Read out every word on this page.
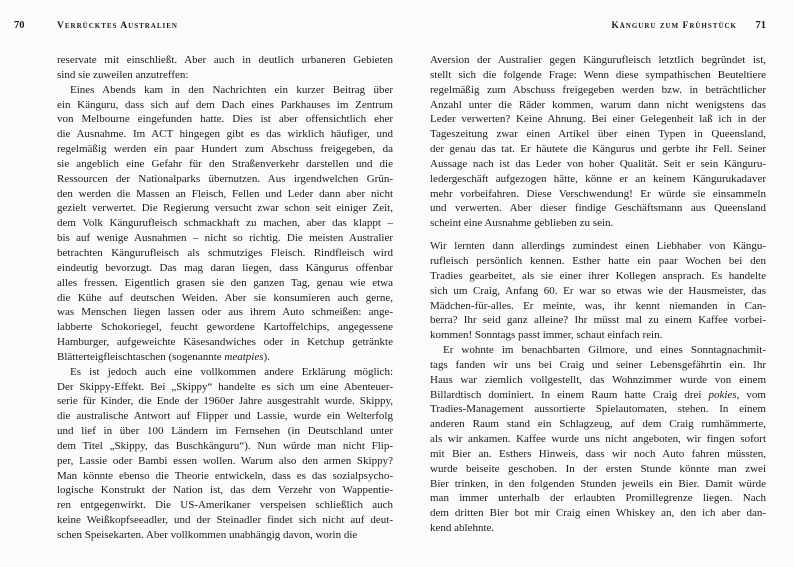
70	Verrücktes Australien
reservate mit einschließt. Aber auch in deutlich urbaneren Gebieten
sind sie zuweilen anzutreffen:
Eines Abends kam in den Nachrichten ein kurzer Beitrag über
ein Känguru, dass sich auf dem Dach eines Parkhauses im Zentrum
von Melbourne eingefunden hatte. Dies ist aber offensichtlich eher
die Ausnahme. Im ACT hingegen gibt es das wirklich häufiger, und
regelmäßig werden ein paar Hundert zum Abschuss freigegeben, da
sie angeblich eine Gefahr für den Straßenverkehr darstellen und die
Ressourcen der Nationalparks übernutzen. Aus irgendwelchen Grün-
den werden die Massen an Fleisch, Fellen und Leder dann aber nicht
gezielt verwertet. Die Regierung versucht zwar schon seit einiger Zeit,
dem Volk Kängurufleisch schmackhaft zu machen, aber das klappt –
bis auf wenige Ausnahmen – nicht so richtig. Die meisten Australier
betrachten Kängurufleisch als schmutziges Fleisch. Rindfleisch wird
eindeutig bevorzugt. Das mag daran liegen, dass Kängurus offenbar
alles fressen. Eigentlich grasen sie den ganzen Tag, genau wie etwa
die Kühe auf deutschen Weiden. Aber sie konsumieren auch gerne,
was Menschen liegen lassen oder aus ihrem Auto schmeißen: ange-
labberte Schokoriegel, feucht gewordene Kartoffelchips, angegessene
Hamburger, aufgeweichte Käsesandwiches oder in Ketchup getränkte
Blätterteigfleischtaschen (sogenannte meatpies).
Es ist jedoch auch eine vollkommen andere Erklärung möglich:
Der Skippy-Effekt. Bei „Skippy“ handelte es sich um eine Abenteuer-
serie für Kinder, die Ende der 1960er Jahre ausgestrahlt wurde. Skippy,
die australische Antwort auf Flipper und Lassie, wurde ein Welterfolg
und lief in über 100 Ländern im Fernsehen (in Deutschland unter
dem Titel „Skippy, das Buschkänguru“). Nun würde man nicht Flip-
per, Lassie oder Bambi essen wollen. Warum also den armen Skippy?
Man könnte ebenso die Theorie entwickeln, dass es das sozialpsycho-
logische Konstrukt der Nation ist, das dem Verzehr von Wappentie-
ren entgegenwirkt. Die US-Amerikaner verspeisen schließlich auch
keine Weißkopfseeadler, und der Steinadler findet sich nicht auf deut-
schen Speisekarten. Aber vollkommen unabhängig davon, worin die
Känguru zum Frühstück 71
Aversion der Australier gegen Kängurufleisch letztlich begründet ist,
stellt sich die folgende Frage: Wenn diese sympathischen Beuteltiere
regelmäßig zum Abschuss freigegeben werden bzw. in beträchtlicher
Anzahl unter die Räder kommen, warum dann nicht wenigstens das
Leder verwerten? Keine Ahnung. Bei einer Gelegenheit laß ich in der
Tageszeitung zwar einen Artikel über einen Typen in Queensland,
der genau das tat. Er häutete die Kängurus und gerbte ihr Fell. Seiner
Aussage nach ist das Leder von hoher Qualität. Seit er sein Känguru-
ledergeschäft aufgezogen hätte, könne er an keinem Kängurukadaver
mehr vorbeifahren. Diese Verschwendung! Er würde sie einsammeln
und verwerten. Aber dieser findige Geschäftsmann aus Queensland
scheint eine Ausnahme geblieben zu sein.
Wir lernten dann allerdings zumindest einen Liebhaber von Kängu-
rufleisch persönlich kennen. Esther hatte ein paar Wochen bei den
Tradies gearbeitet, als sie einer ihrer Kollegen ansprach. Es handelte
sich um Craig, Anfang 60. Er war so etwas wie der Hausmeister, das
Mädchen-für-alles. Er meinte, was, ihr kennt niemanden in Can-
berra? Ihr seid ganz alleine? Ihr müsst mal zu einem Kaffee vorbei-
kommen! Sonntags passt immer, schaut einfach rein.
Er wohnte im benachbarten Gilmore, und eines Sonntagnachmit-
tags fanden wir uns bei Craig und seiner Lebensgefährtin ein. Ihr
Haus war ziemlich vollgestellt, das Wohnzimmer wurde von einem
Billardtisch dominiert. In einem Raum hatte Craig drei pokies, vom
Tradies-Management aussortierte Spielautomaten, stehen. In einem
anderen Raum stand ein Schlagzeug, auf dem Craig rumhämmerte,
als wir ankamen. Kaffee wurde uns nicht angeboten, wir fingen sofort
mit Bier an. Esthers Hinweis, dass wir noch Auto fahren müssten,
wurde beiseite geschoben. In der ersten Stunde könnte man zwei
Bier trinken, in den folgenden Stunden jeweils ein Bier. Damit würde
man immer unterhalb der erlaubten Promillegrenze liegen. Nach
dem dritten Bier bot mir Craig einen Whiskey an, den ich aber dan-
kend ablehnte.
